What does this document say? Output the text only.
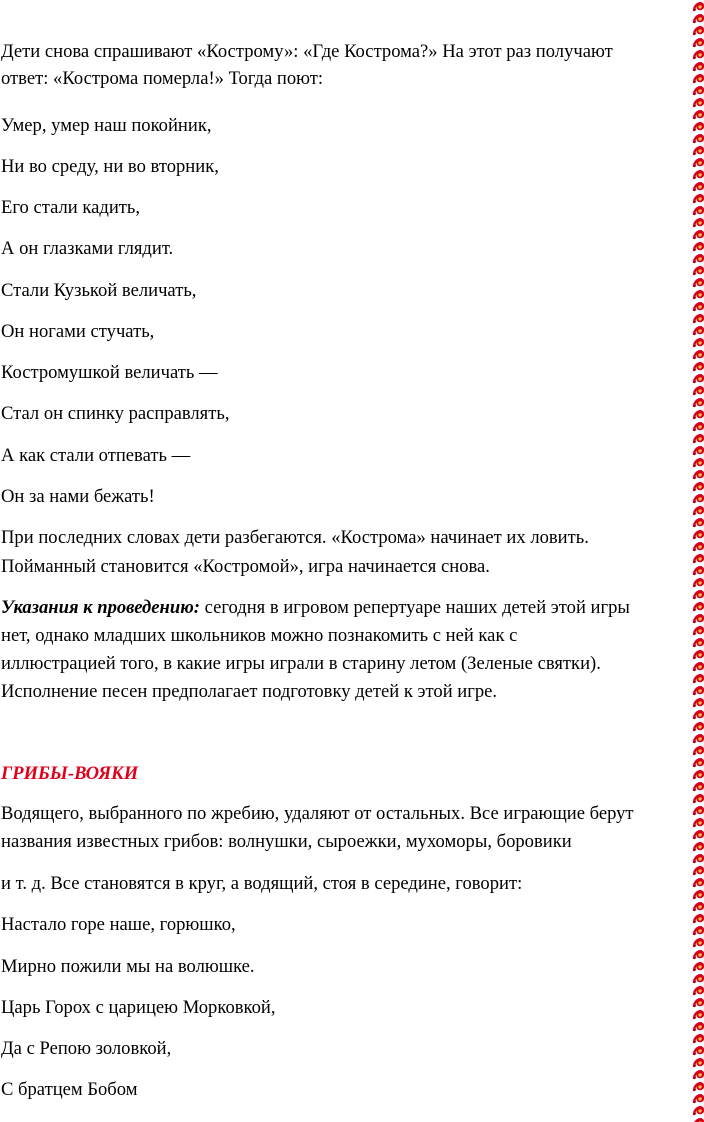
Дети снова спрашивают «Кострому»: «Где Кострома?» На этот раз получают

ответ: «Кострома померла!» Тогда поют:

Умер, умер наш покойник,

Ни во среду, ни во вторник,

Его стали кадить,

А он глазками глядит.

Стали Кузькой величать,

Он ногами стучать,

Костромушкой величать —

Стал он спинку расправлять,

А как стали отпевать —

Он за нами бежать!

При последних словах дети разбегаются. «Кострома» начинает их ловить.

Пойманный становится «Костромой», игра начинается снова.

Указания к проведению: сегодня в игровом репертуаре наших детей этой игры

нет, однако младших школьников можно познакомить с ней как с

иллюстрацией того, в какие игры играли в старину летом (Зеленые святки).

Исполнение песен предполагает подготовку детей к этой игре.

ГРИБЫ-ВОЯКИ

Водящего, выбранного по жребию, удаляют от остальных. Все играющие берут

названия известных грибов: волнушки, сыроежки, мухоморы, боровики

и т. д. Все становятся в круг, а водящий, стоя в середине, говорит:

Настало горе наше, горюшко,

Мирно пожили мы на волюшке.

Царь Горох с царицею Морковкой,

Да с Репою золовкой,

С братцем Бобом
